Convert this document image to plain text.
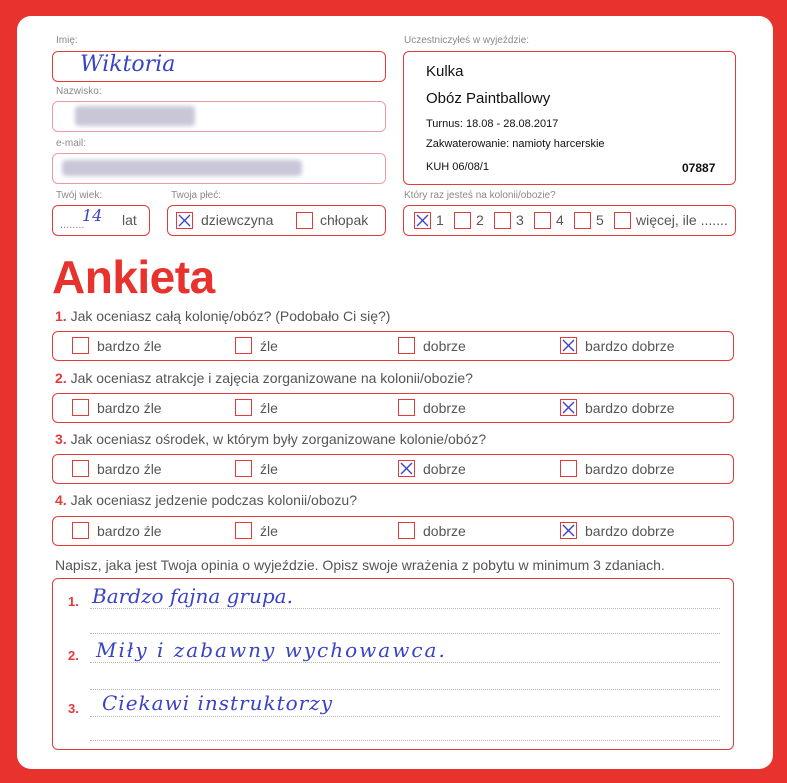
Imię:
Wiktoria
Nazwisko:
e-mail:
Twój wiek:
........
14 lat
Twoja płeć:
dziewczyna	chłopak
Uczestniczyłeś w wyjeździe:
Kulka
Obóz Paintballowy
Turnus: 18.08 - 28.08.2017
Zakwaterowanie: namioty harcerskie
KUH 06/08/1	07887
Który raz jesteś na kolonii/obozie?
1 2 3 4 5 więcej, ile .......
Ankieta
1. Jak oceniasz całą kolonię/obóz? (Podobało Ci się?)
bardzo źle	źle	dobrze	bardzo dobrze
2. Jak oceniasz atrakcje i zajęcia zorganizowane na kolonii/obozie?
bardzo źle	źle	dobrze	bardzo dobrze
3. Jak oceniasz ośrodek, w którym były zorganizowane kolonie/obóz?
bardzo źle	źle	dobrze	bardzo dobrze
4. Jak oceniasz jedzenie podczas kolonii/obozu?
bardzo źle	źle	dobrze	bardzo dobrze
Napisz, jaka jest Twoja opinia o wyjeździe. Opisz swoje wrażenia z pobytu w minimum 3 zdaniach.
1. Bardzo fajna grupa.
2. Miły i zabawny wychowawca.
3. Ciekawi instruktorzy
